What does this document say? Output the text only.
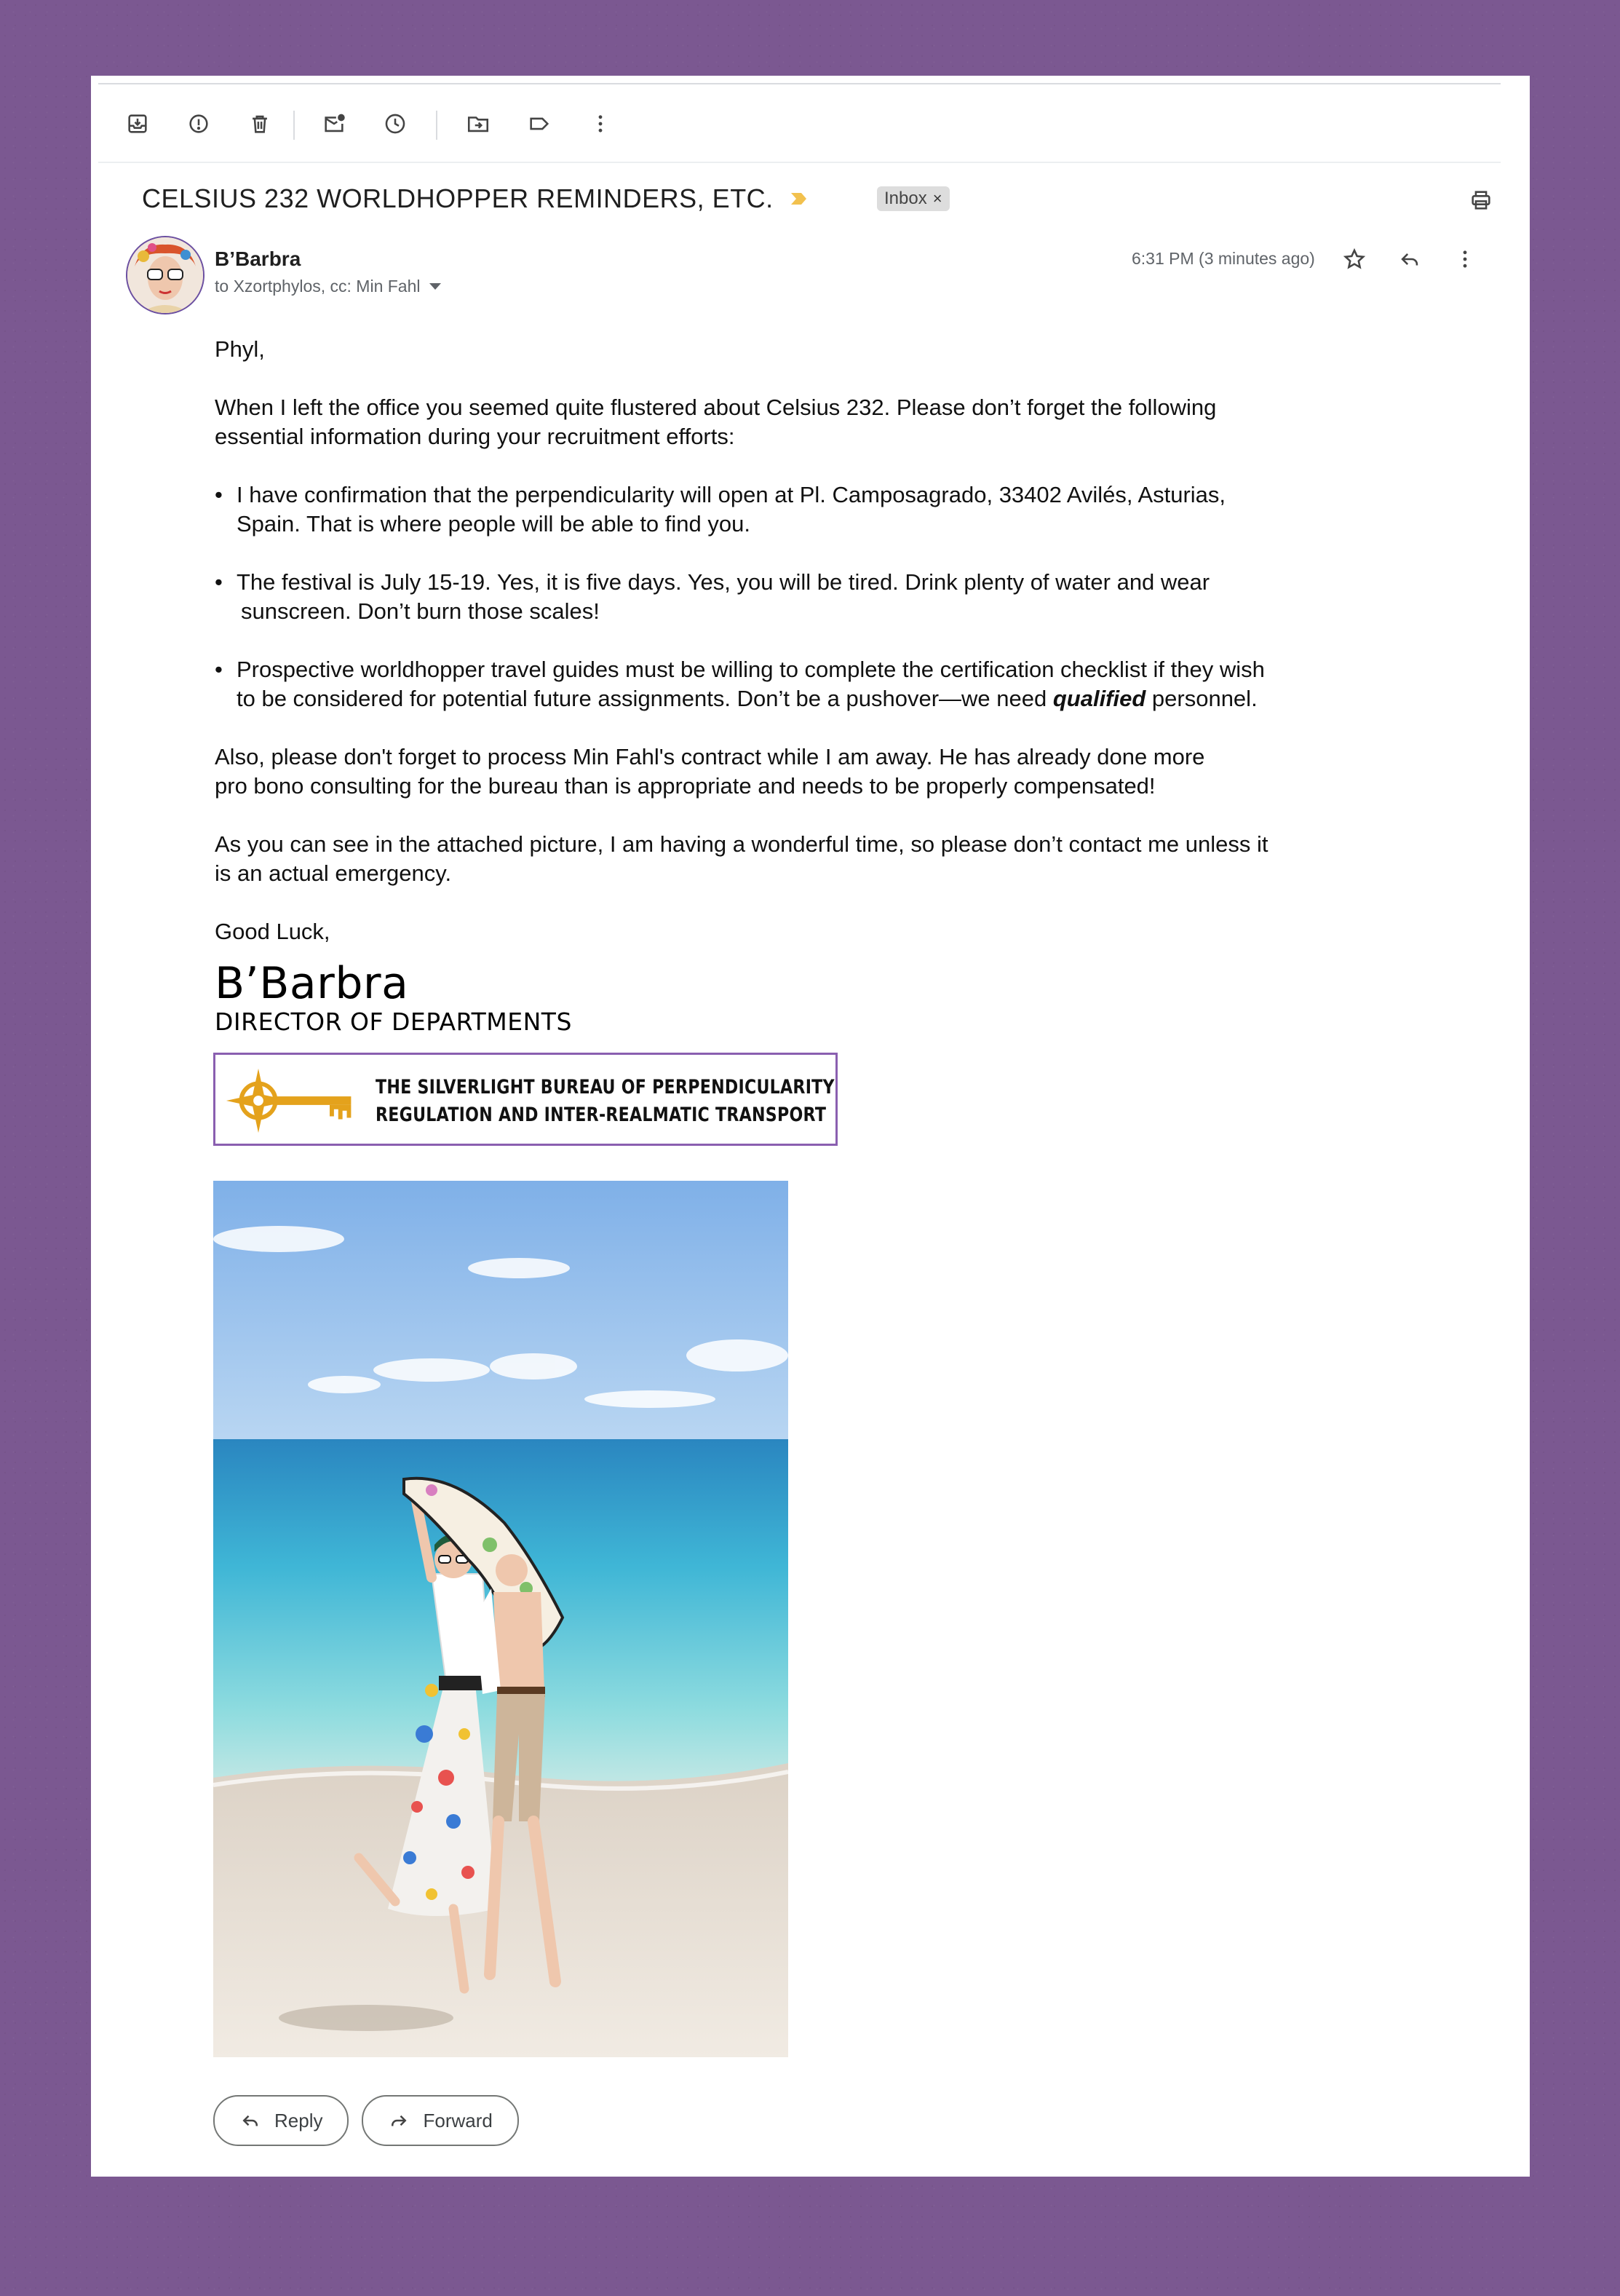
CELSIUS 232 WORLDHOPPER REMINDERS, ETC.	Inbox ×
B’Barbra
to Xzortphylos, cc: Min Fahl
6:31 PM (3 minutes ago)

Phyl,

When I left the office you seemed quite flustered about Celsius 232. Please don’t forget the following

essential information during your recruitment efforts:

• I have confirmation that the perpendicularity will open at Pl. Camposagrado, 33402 Avilés, Asturias,

Spain. That is where people will be able to find you.

• The festival is July 15-19. Yes, it is five days. Yes, you will be tired. Drink plenty of water and wear

sunscreen. Don’t burn those scales!

• Prospective worldhopper travel guides must be willing to complete the certification checklist if they wish

to be considered for potential future assignments. Don’t be a pushover—we need qualified personnel.

Also, please don't forget to process Min Fahl's contract while I am away. He has already done more

pro bono consulting for the bureau than is appropriate and needs to be properly compensated!

As you can see in the attached picture, I am having a wonderful time, so please don’t contact me unless it

is an actual emergency.

Good Luck,

B’Barbra
DIRECTOR OF DEPARTMENTS
THE SILVERLIGHT BUREAU OF PERPENDICULARITY
REGULATION AND INTER-REALMATIC TRANSPORT
Reply	Forward
